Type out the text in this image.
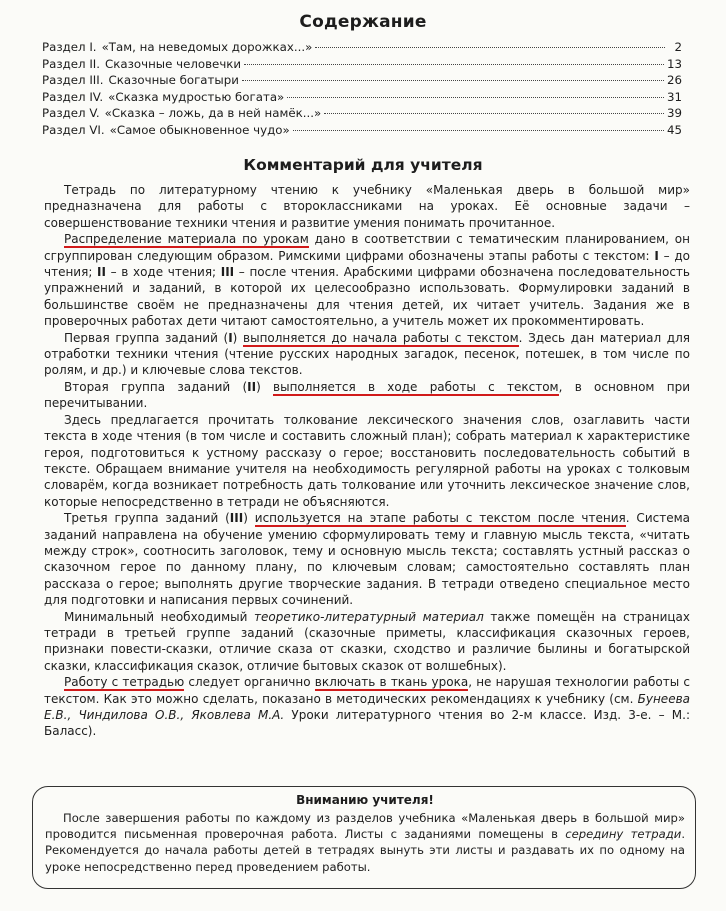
Содержание
Раздел I. «Там, на неведомых дорожках...»	2
Раздел II. Сказочные человечки	13
Раздел III. Сказочные богатыри	26
Раздел IV. «Сказка мудростью богата»	31
Раздел V. «Сказка – ложь, да в ней намёк...»	39
Раздел VI. «Самое обыкновенное чудо»	45
Комментарий для учителя

Тетрадь по литературному чтению к учебнику «Маленькая дверь в большой мир» предназначена для работы с второклассниками на уроках. Её основные задачи – совершенствование техники чтения и развитие умения понимать прочитанное.

Распределение материала по урокам дано в соответствии с тематическим планированием, он сгруппирован следующим образом. Римскими цифрами обозначены этапы работы с текстом: I – до чтения; II – в ходе чтения; III – после чтения. Арабскими цифрами обозначена последовательность упражнений и заданий, в которой их целесообразно использовать. Формулировки заданий в большинстве своём не предназначены для чтения детей, их читает учитель. Задания же в проверочных работах дети читают самостоятельно, а учитель может их прокомментировать.

Первая группа заданий (I) выполняется до начала работы с текстом. Здесь дан материал для отработки техники чтения (чтение русских народных загадок, песенок, потешек, в том числе по ролям, и др.) и ключевые слова текстов.

Вторая группа заданий (II) выполняется в ходе работы с текстом, в основном при перечитывании.

Здесь предлагается прочитать толкование лексического значения слов, озаглавить части текста в ходе чтения (в том числе и составить сложный план); собрать материал к характеристике героя, подготовиться к устному рассказу о герое; восстановить последовательность событий в тексте. Обращаем внимание учителя на необходимость регулярной работы на уроках с толковым словарём, когда возникает потребность дать толкование или уточнить лексическое значение слов, которые непосредственно в тетради не объясняются.

Третья группа заданий (III) используется на этапе работы с текстом после чтения. Система заданий направлена на обучение умению сформулировать тему и главную мысль текста, «читать между строк», соотносить заголовок, тему и основную мысль текста; составлять устный рассказ о сказочном герое по данному плану, по ключевым словам; самостоятельно составлять план рассказа о герое; выполнять другие творческие задания. В тетради отведено специальное место для подготовки и написания первых сочинений.

Минимальный необходимый теоретико-литературный материал также помещён на страницах тетради в третьей группе заданий (сказочные приметы, классификация сказочных героев, признаки повести-сказки, отличие сказа от сказки, сходство и различие былины и богатырской сказки, классификация сказок, отличие бытовых сказок от волшебных).

Работу с тетрадью следует органично включать в ткань урока, не нарушая технологии работы с текстом. Как это можно сделать, показано в методических рекомендациях к учебнику (см. Бунеева Е.В., Чиндилова О.В., Яковлева М.А. Уроки литературного чтения во 2-м классе. Изд. 3-е. – М.: Баласс).

Вниманию учителя!

После завершения работы по каждому из разделов учебника «Маленькая дверь в большой мир» проводится письменная проверочная работа. Листы с заданиями помещены в середину тетради. Рекомендуется до начала работы детей в тетрадях вынуть эти листы и раздавать их по одному на уроке непосредственно перед проведением работы.
